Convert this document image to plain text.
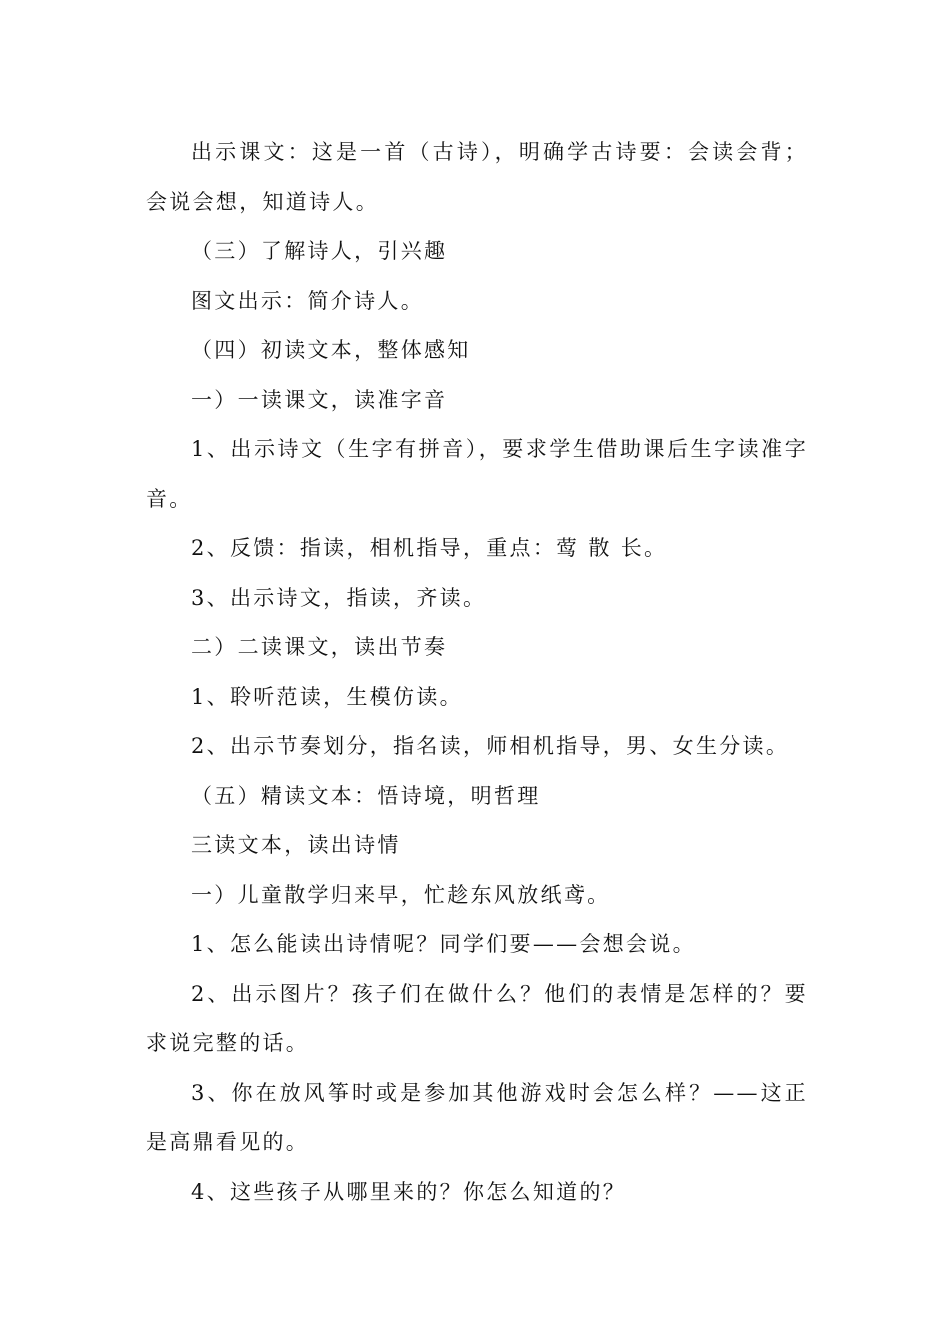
出示课文：这是一首（古诗），明确学古诗要：会读会背；会说会想，知道诗人。

（三）了解诗人，引兴趣

图文出示：简介诗人。

（四）初读文本，整体感知

一）一读课文，读准字音

1、出示诗文（生字有拼音），要求学生借助课后生字读准字音。

2、反馈：指读，相机指导，重点：莺 散 长。

3、出示诗文，指读，齐读。

二）二读课文，读出节奏

1、聆听范读，生模仿读。

2、出示节奏划分，指名读，师相机指导，男、女生分读。

（五）精读文本：悟诗境，明哲理

三读文本，读出诗情

一）儿童散学归来早，忙趁东风放纸鸢。

1、怎么能读出诗情呢？同学们要——会想会说。

2、出示图片？孩子们在做什么？他们的表情是怎样的？要求说完整的话。

3、你在放风筝时或是参加其他游戏时会怎么样？——这正是高鼎看见的。

4、这些孩子从哪里来的？你怎么知道的？
